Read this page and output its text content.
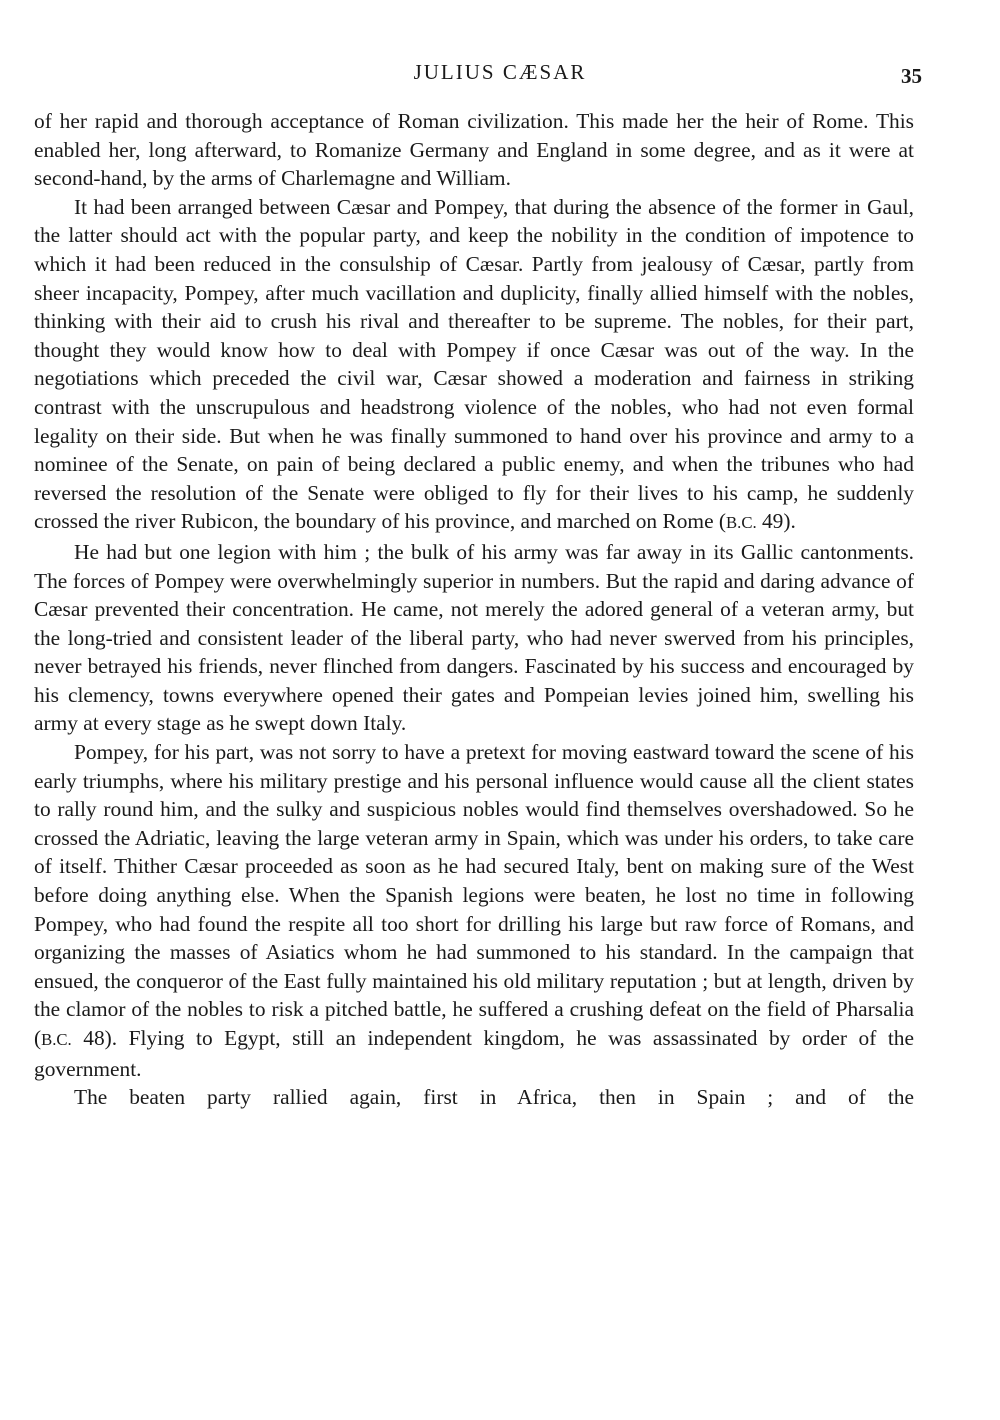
JULIUS CÆSAR	35

of her rapid and thorough acceptance of Roman civilization. This made her the heir of Rome. This enabled her, long afterward, to Romanize Germany and England in some degree, and as it were at second-hand, by the arms of Charlemagne and William.

It had been arranged between Cæsar and Pompey, that during the absence of the former in Gaul, the latter should act with the popular party, and keep the nobility in the condition of impotence to which it had been reduced in the consulship of Cæsar. Partly from jealousy of Cæsar, partly from sheer incapacity, Pompey, after much vacillation and duplicity, finally allied himself with the nobles, thinking with their aid to crush his rival and thereafter to be supreme. The nobles, for their part, thought they would know how to deal with Pompey if once Cæsar was out of the way. In the negotiations which preceded the civil war, Cæsar showed a moderation and fairness in striking contrast with the unscrupulous and headstrong violence of the nobles, who had not even formal legality on their side. But when he was finally summoned to hand over his province and army to a nominee of the Senate, on pain of being declared a public enemy, and when the tribunes who had reversed the resolution of the Senate were obliged to fly for their lives to his camp, he suddenly crossed the river Rubicon, the boundary of his province, and marched on Rome (B.C. 49).

He had but one legion with him ; the bulk of his army was far away in its Gallic cantonments. The forces of Pompey were overwhelmingly superior in numbers. But the rapid and daring advance of Cæsar prevented their concentration. He came, not merely the adored general of a veteran army, but the long-tried and consistent leader of the liberal party, who had never swerved from his principles, never betrayed his friends, never flinched from dangers. Fascinated by his success and encouraged by his clemency, towns everywhere opened their gates and Pompeian levies joined him, swelling his army at every stage as he swept down Italy.

Pompey, for his part, was not sorry to have a pretext for moving eastward toward the scene of his early triumphs, where his military prestige and his personal influence would cause all the client states to rally round him, and the sulky and suspicious nobles would find themselves overshadowed. So he crossed the Adriatic, leaving the large veteran army in Spain, which was under his orders, to take care of itself. Thither Cæsar proceeded as soon as he had secured Italy, bent on making sure of the West before doing anything else. When the Spanish legions were beaten, he lost no time in following Pompey, who had found the respite all too short for drilling his large but raw force of Romans, and organizing the masses of Asiatics whom he had summoned to his standard. In the campaign that ensued, the conqueror of the East fully maintained his old military reputation ; but at length, driven by the clamor of the nobles to risk a pitched battle, he suffered a crushing defeat on the field of Pharsalia (B.C. 48). Flying to Egypt, still an independent kingdom, he was assassinated by order of the government.

The beaten party rallied again, first in Africa, then in Spain ; and of the
